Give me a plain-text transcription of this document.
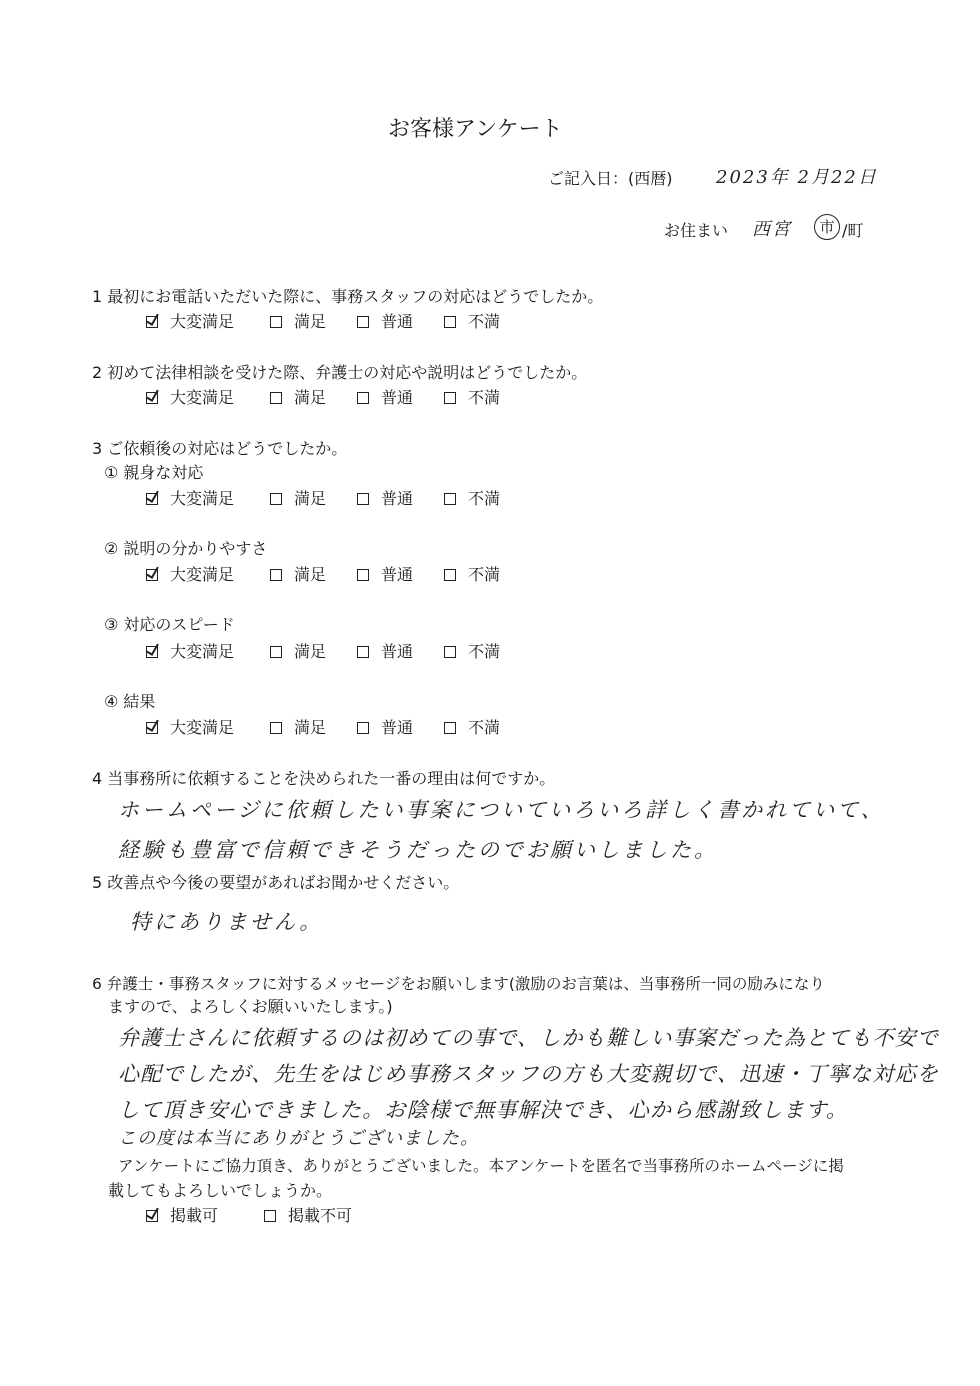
お客様アンケート
ご記入日：(西暦) 2023年 2月22日
お住まい 西宮	市 /町
1 最初にお電話いただいた際に、事務スタッフの対応はどうでしたか。
大変満足	満足	普通	不満
2 初めて法律相談を受けた際、弁護士の対応や説明はどうでしたか。
大変満足	満足	普通	不満
3 ご依頼後の対応はどうでしたか。
① 親身な対応
大変満足	満足	普通	不満
② 説明の分かりやすさ
大変満足	満足	普通	不満
③ 対応のスピード
大変満足	満足	普通	不満
④ 結果
大変満足	満足	普通	不満
4 当事務所に依頼することを決められた一番の理由は何ですか。
ホームページに依頼したい事案についていろいろ詳しく書かれていて、
経験も豊富で信頼できそうだったのでお願いしました。
5 改善点や今後の要望があればお聞かせください。
特にありません。
6 弁護士・事務スタッフに対するメッセージをお願いします(激励のお言葉は、当事務所一同の励みになり
ますので、よろしくお願いいたします。)
弁護士さんに依頼するのは初めての事で、しかも難しい事案だった為とても不安で
心配でしたが、先生をはじめ事務スタッフの方も大変親切で、迅速・丁寧な対応を
して頂き安心できました。お陰様で無事解決でき、心から感謝致します。
この度は本当にありがとうございました。
アンケートにご協力頂き、ありがとうございました。本アンケートを匿名で当事務所のホームページに掲
載してもよろしいでしょうか。
掲載可	掲載不可
